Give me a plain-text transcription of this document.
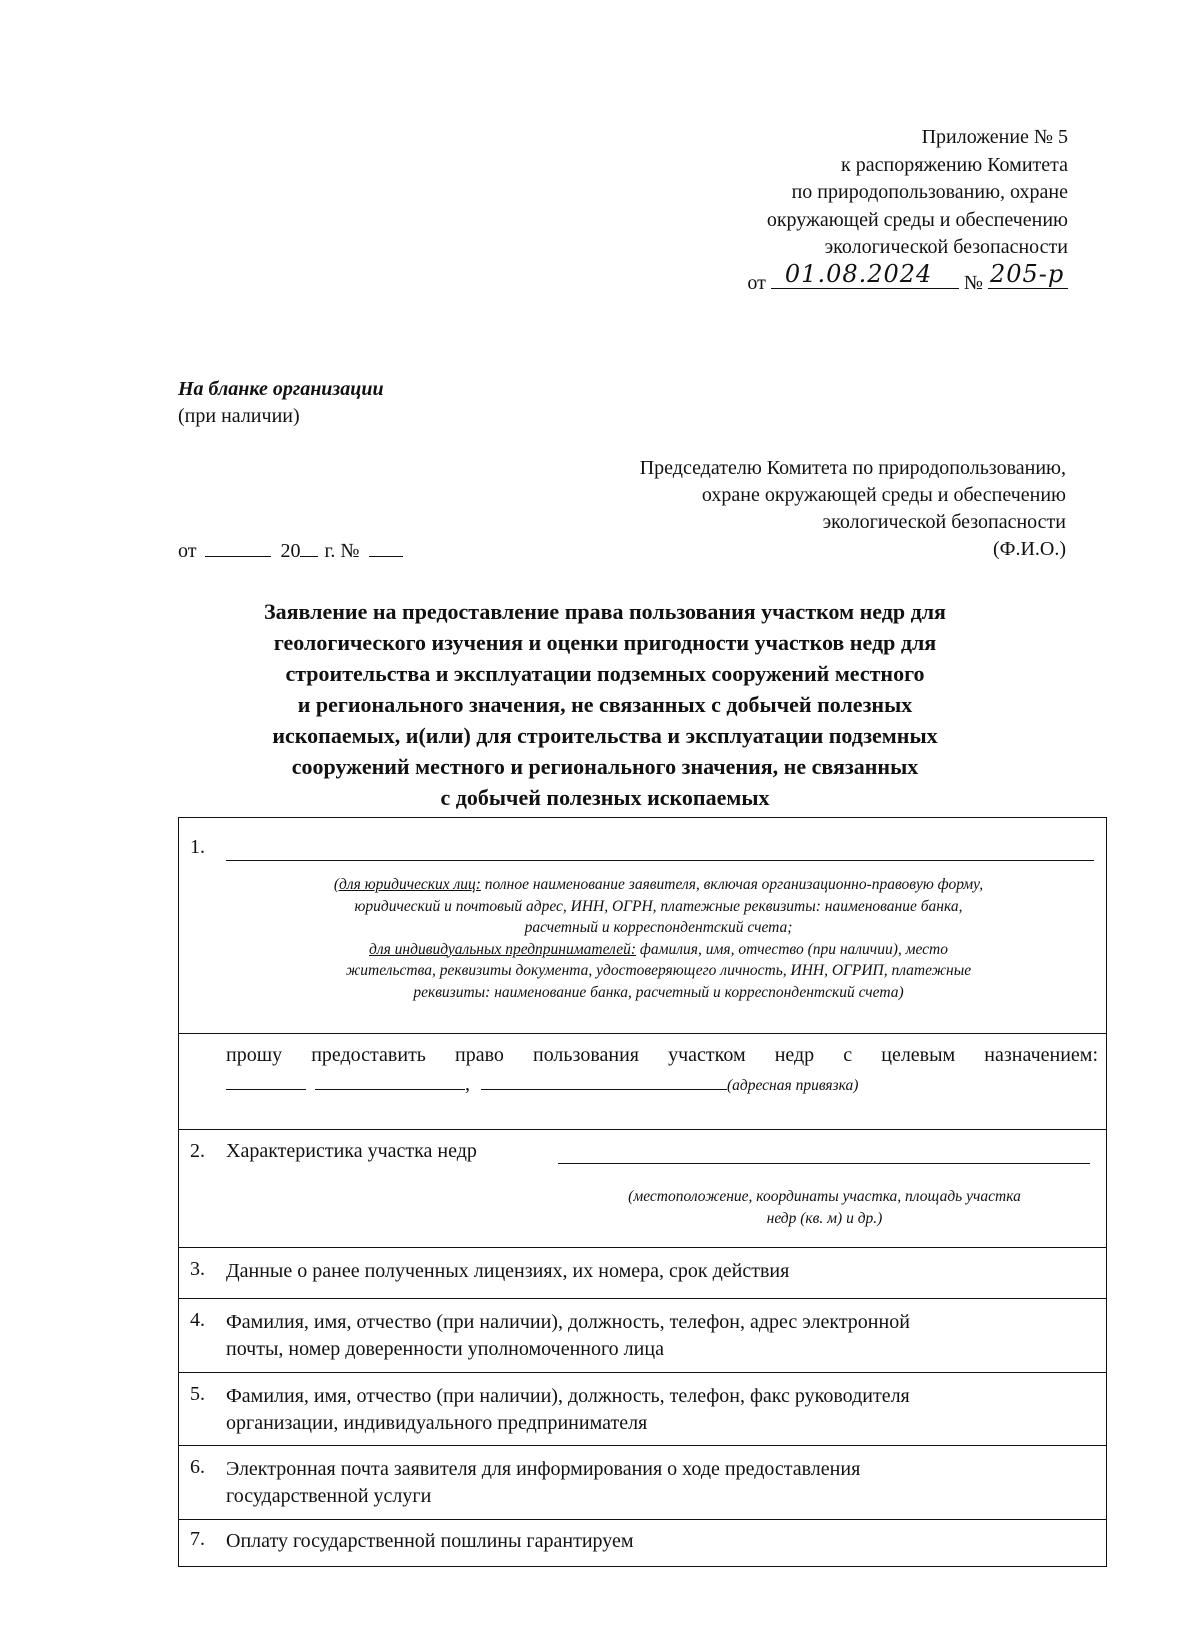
Приложение № 5
к распоряжению Комитета
по природопользованию, охране
окружающей среды и обеспечению
экологической безопасности
от 01.08.2024 № 205-р
На бланке организации
(при наличии)
Председателю Комитета по природопользованию,
охране окружающей среды и обеспечению
экологической безопасности
(Ф.И.О.)
от	20 г. №
Заявление на предоставление права пользования участком недр для
геологического изучения и оценки пригодности участков недр для
строительства и эксплуатации подземных сооружений местного
и регионального значения, не связанных с добычей полезных
ископаемых, и(или) для строительства и эксплуатации подземных
сооружений местного и регионального значения, не связанных
с добычей полезных ископаемых
1.
(для юридических лиц: полное наименование заявителя, включая организационно-правовую форму,
юридический и почтовый адрес, ИНН, ОГРН, платежные реквизиты: наименование банка,
расчетный и корреспондентский счета;
для индивидуальных предпринимателей: фамилия, имя, отчество (при наличии), место
жительства, реквизиты документа, удостоверяющего личность, ИНН, ОГРИП, платежные
реквизиты: наименование банка, расчетный и корреспондентский счета)

прошу предоставить право пользования участком недр с целевым назначением:
,	(адресная привязка)

2. Характеристика участка недр
(местоположение, координаты участка, площадь участка
недр (кв. м) и др.)

3. Данные о ранее полученных лицензиях, их номера, срок действия

4. Фамилия, имя, отчество (при наличии), должность, телефон, адрес электронной
почты, номер доверенности уполномоченного лица

5. Фамилия, имя, отчество (при наличии), должность, телефон, факс руководителя
организации, индивидуального предпринимателя

6. Электронная почта заявителя для информирования о ходе предоставления
государственной услуги

7. Оплату государственной пошлины гарантируем
